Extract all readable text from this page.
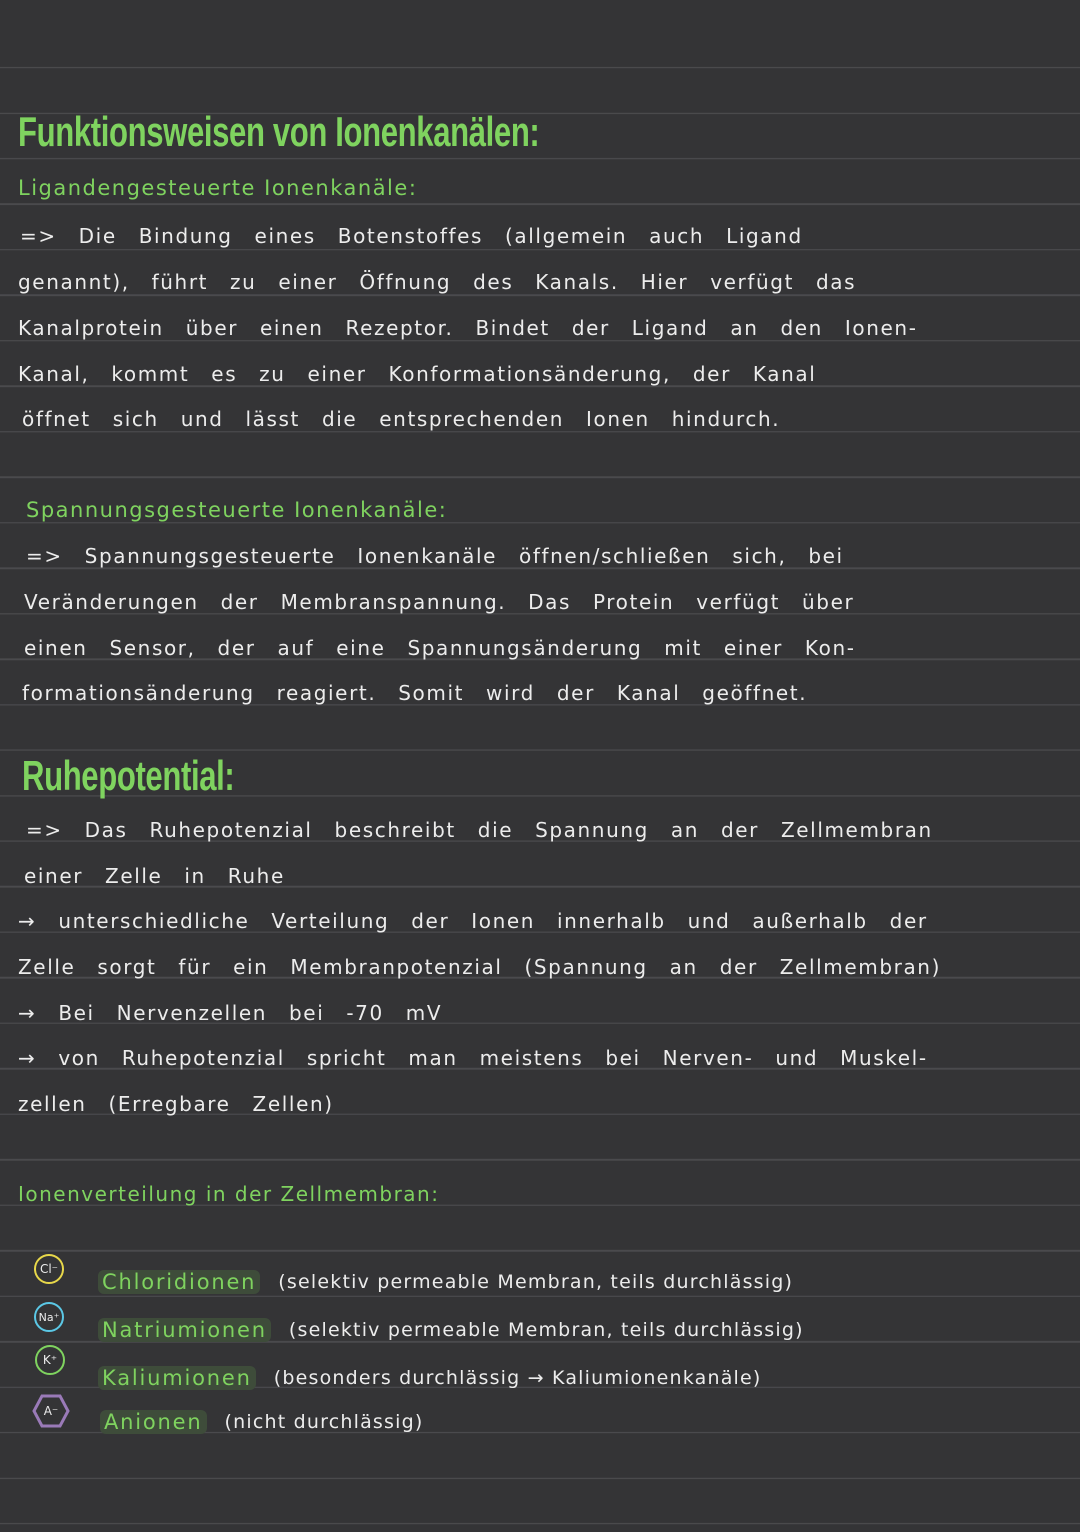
Funktionsweisen von Ionenkanälen:
Ligandengesteuerte Ionenkanäle:
=> Die Bindung eines Botenstoffes (allgemein auch Ligand
genannt), führt zu einer Öffnung des Kanals. Hier verfügt das
Kanalprotein über einen Rezeptor. Bindet der Ligand an den Ionen-
Kanal, kommt es zu einer Konformationsänderung, der Kanal
öffnet sich und lässt die entsprechenden Ionen hindurch.
Spannungsgesteuerte Ionenkanäle:
=> Spannungsgesteuerte Ionenkanäle öffnen/schließen sich, bei
Veränderungen der Membranspannung. Das Protein verfügt über
einen Sensor, der auf eine Spannungsänderung mit einer Kon-
formationsänderung reagiert. Somit wird der Kanal geöffnet.
Ruhepotential:
=> Das Ruhepotenzial beschreibt die Spannung an der Zellmembran
einer Zelle in Ruhe
→ unterschiedliche Verteilung der Ionen innerhalb und außerhalb der
Zelle sorgt für ein Membranpotenzial (Spannung an der Zellmembran)
→ Bei Nervenzellen bei -70 mV
→ von Ruhepotenzial spricht man meistens bei Nerven- und Muskel-
zellen (Erregbare Zellen)
Ionenverteilung in der Zellmembran:
Cl⁻
Na⁺
K⁺
A⁻
Chloridionen (selektiv permeable Membran, teils durchlässig)
Natriumionen (selektiv permeable Membran, teils durchlässig)
Kaliumionen (besonders durchlässig → Kaliumionenkanäle)
Anionen (nicht durchlässig)
